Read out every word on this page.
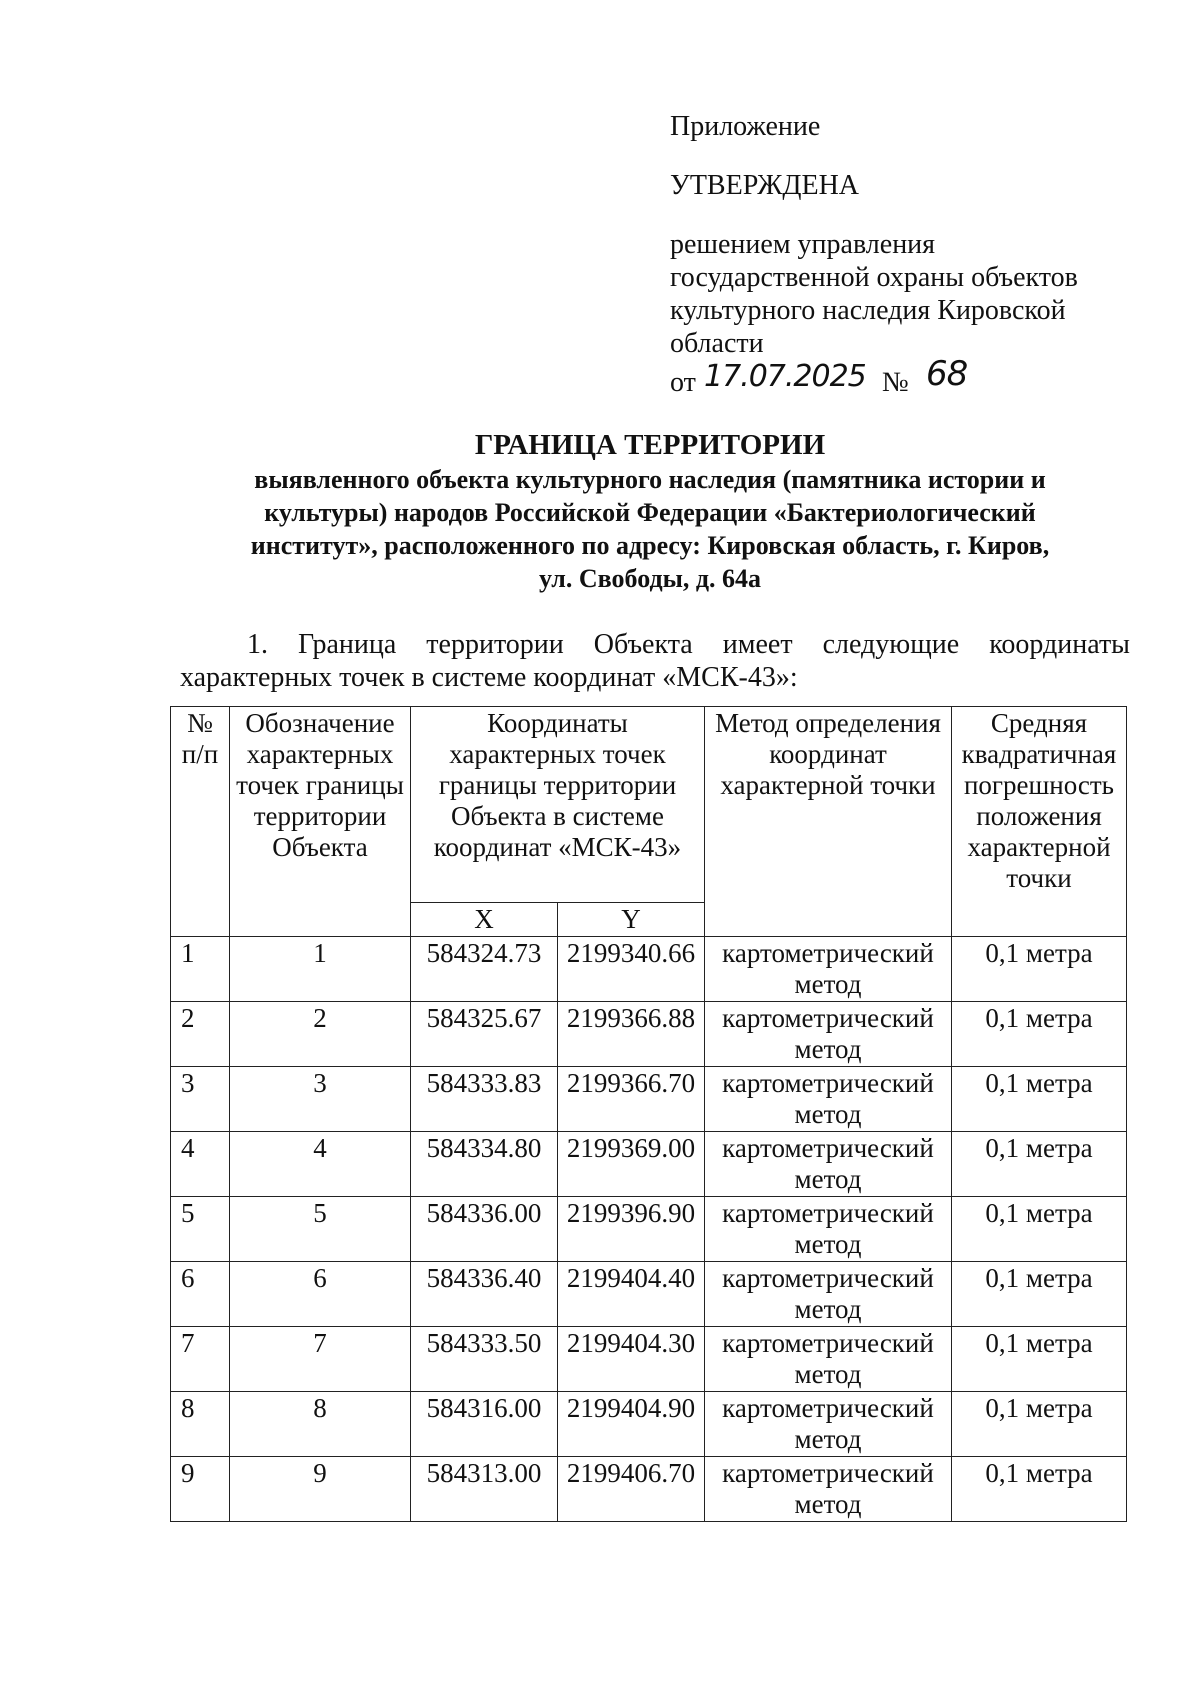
Приложение
УТВЕРЖДЕНА
решением управления
государственной охраны объектов
культурного наследия Кировской
области
от 17.07.2025 № 68
ГРАНИЦА ТЕРРИТОРИИ
выявленного объекта культурного наследия (памятника истории и
культуры) народов Российской Федерации «Бактериологический
институт», расположенного по адресу: Кировская область, г. Киров,
ул. Свободы, д. 64а
1. Граница территории Объекта имеет следующие координаты
характерных точек в системе координат «МСК-43»:
№ п/п	Обозначение характерных точек границы территории Объекта	Координаты характерных точек границы территории Объекта в системе координат «МСК-43»		Метод определения координат характерной точки	Средняя квадратичная погрешность положения характерной точки
		X	Y		
1	1	584324.73	2199340.66	картометрический метод	0,1 метра
2	2	584325.67	2199366.88	картометрический метод	0,1 метра
3	3	584333.83	2199366.70	картометрический метод	0,1 метра
4	4	584334.80	2199369.00	картометрический метод	0,1 метра
5	5	584336.00	2199396.90	картометрический метод	0,1 метра
6	6	584336.40	2199404.40	картометрический метод	0,1 метра
7	7	584333.50	2199404.30	картометрический метод	0,1 метра
8	8	584316.00	2199404.90	картометрический метод	0,1 метра
9	9	584313.00	2199406.70	картометрический метод	0,1 метра
